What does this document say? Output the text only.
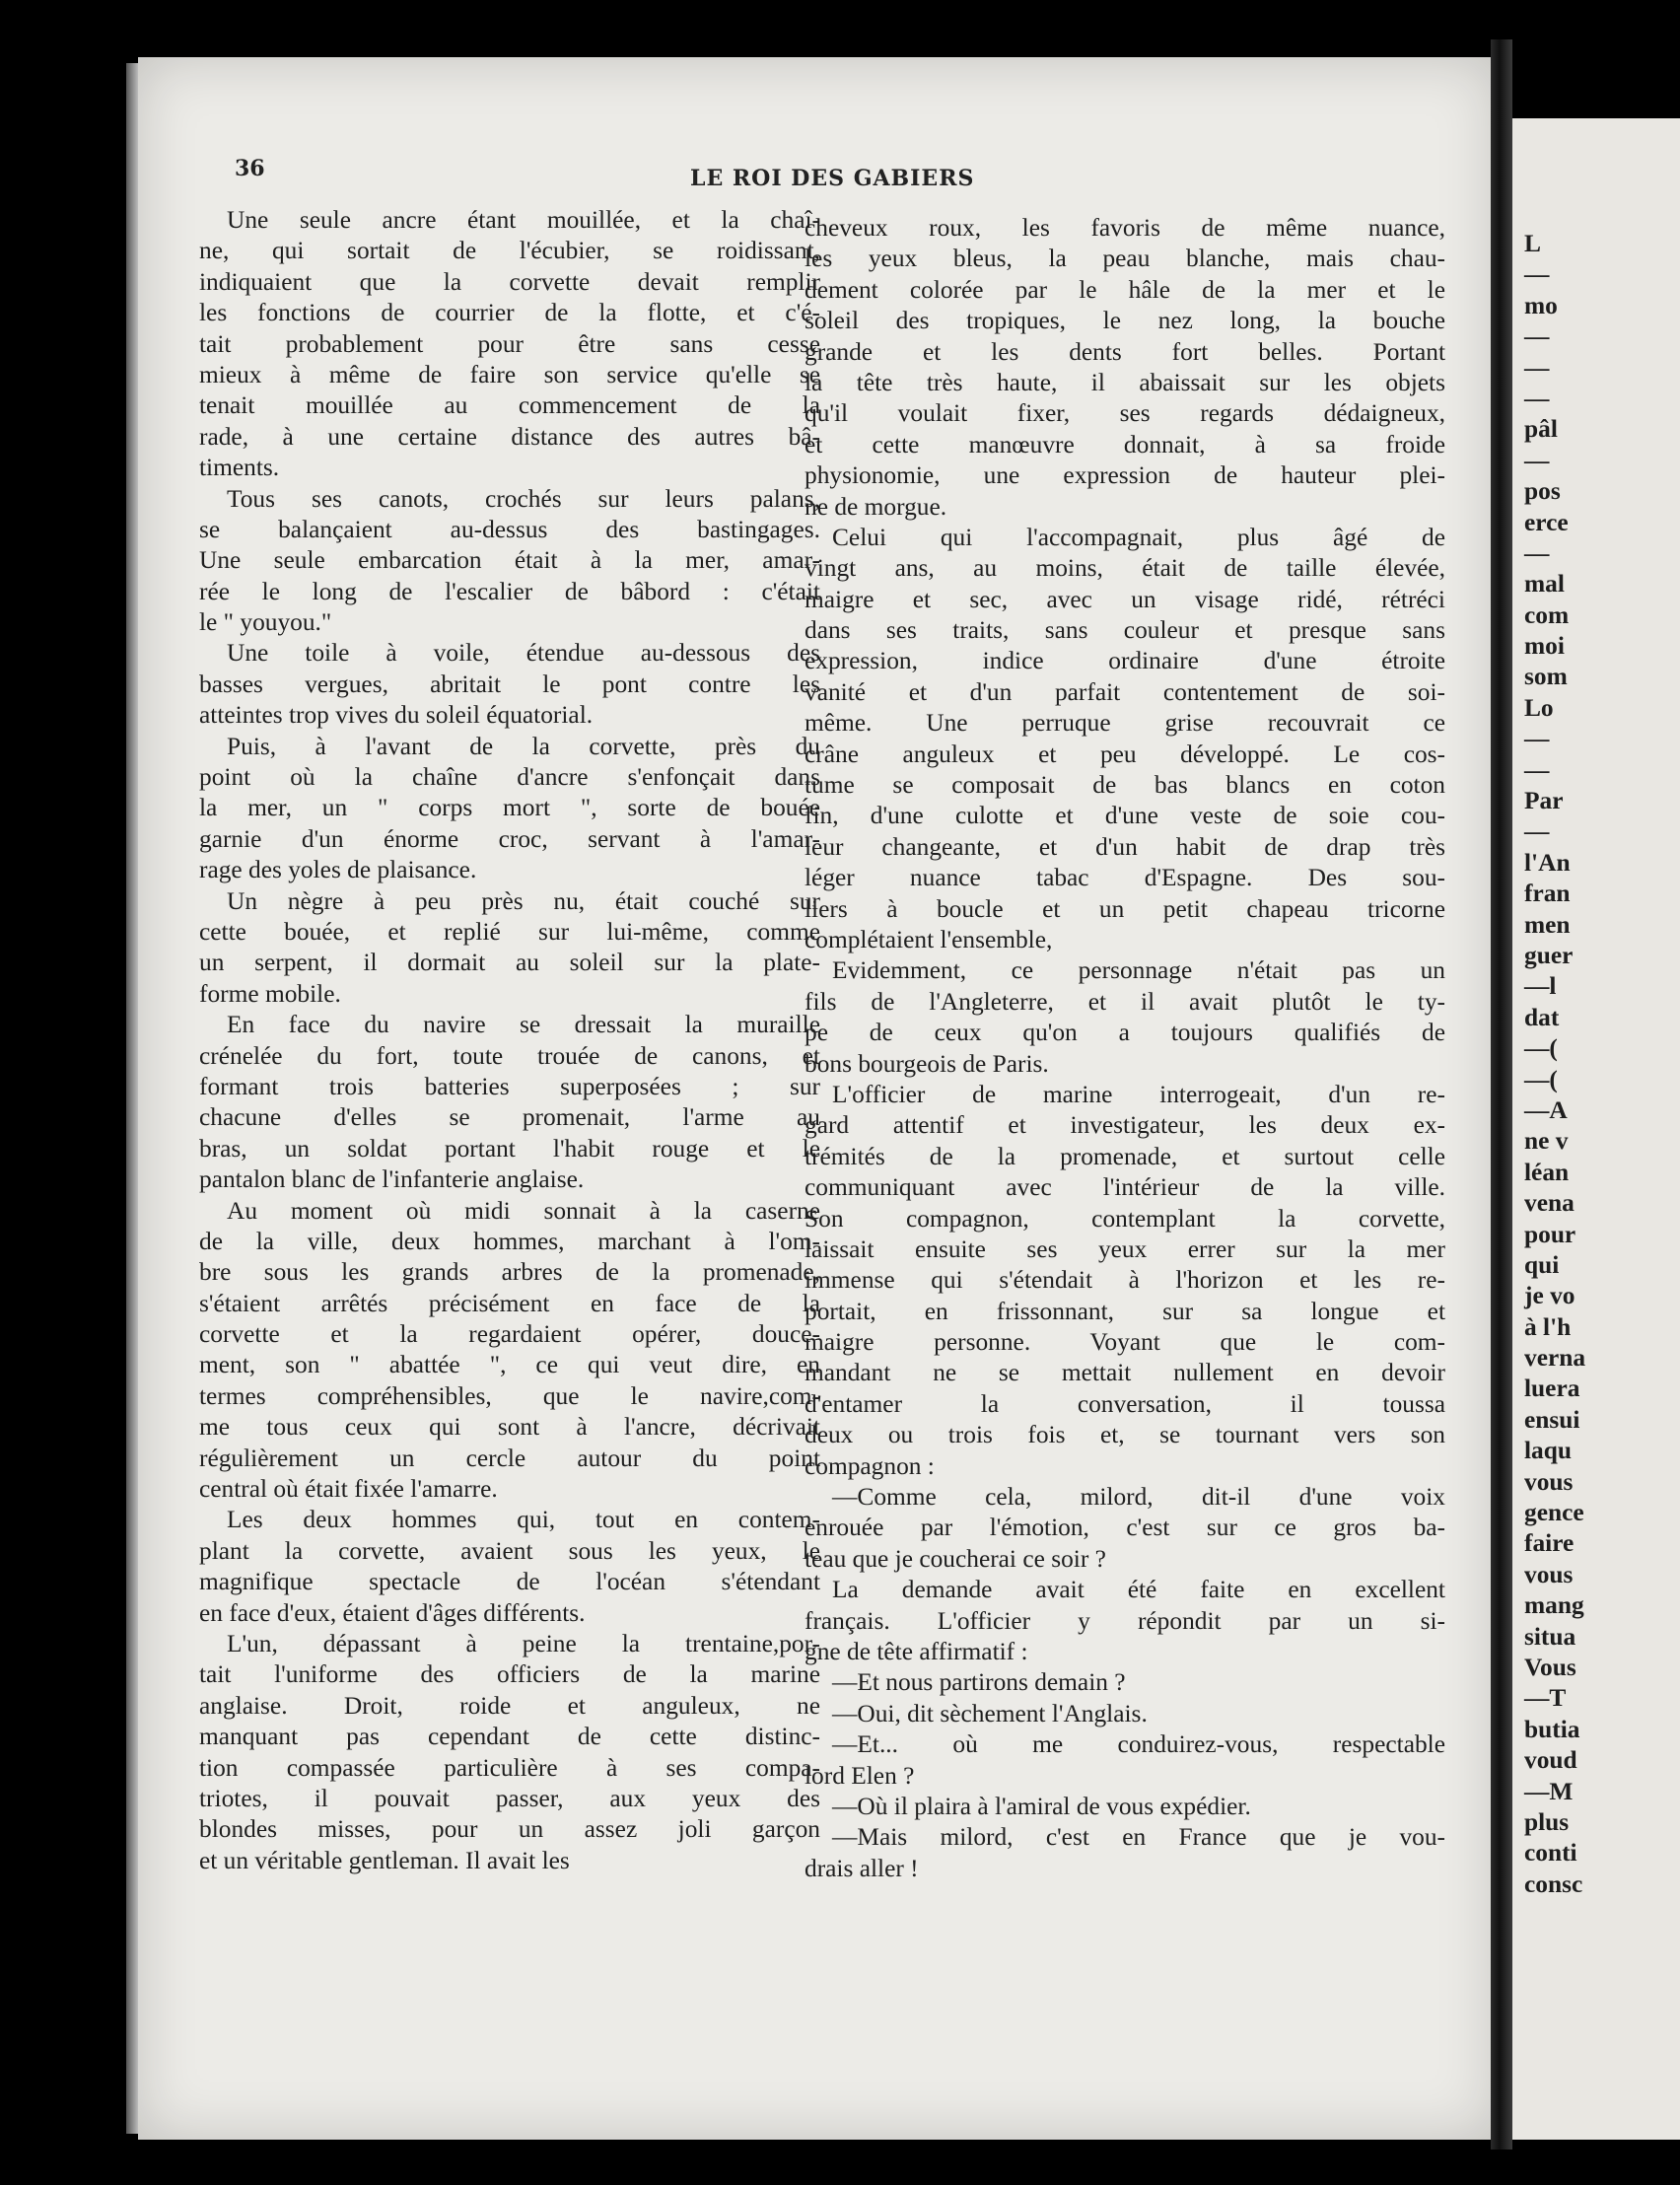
36	LE ROI DES GABIERS
Une seule ancre étant mouillée, et la chaî-
ne, qui sortait de l'écubier, se roidissant,
indiquaient que la corvette devait remplir
les fonctions de courrier de la flotte, et c'é-
tait probablement pour être sans cesse
mieux à même de faire son service qu'elle se
tenait mouillée au commencement de la
rade, à une certaine distance des autres bâ-
timents.
Tous ses canots, crochés sur leurs palans,
se balançaient au-dessus des bastingages.
Une seule embarcation était à la mer, amar-
rée le long de l'escalier de bâbord : c'était
le " youyou."
Une toile à voile, étendue au-dessous des
basses vergues, abritait le pont contre les
atteintes trop vives du soleil équatorial.
Puis, à l'avant de la corvette, près du
point où la chaîne d'ancre s'enfonçait dans
la mer, un " corps mort ", sorte de bouée
garnie d'un énorme croc, servant à l'amar-
rage des yoles de plaisance.
Un nègre à peu près nu, était couché sur
cette bouée, et replié sur lui-même, comme
un serpent, il dormait au soleil sur la plate-
forme mobile.
En face du navire se dressait la muraille
crénelée du fort, toute trouée de canons, et
formant trois batteries superposées ; sur
chacune d'elles se promenait, l'arme au
bras, un soldat portant l'habit rouge et le
pantalon blanc de l'infanterie anglaise.
Au moment où midi sonnait à la caserne
de la ville, deux hommes, marchant à l'om-
bre sous les grands arbres de la promenade,
s'étaient arrêtés précisément en face de la
corvette et la regardaient opérer, douce-
ment, son " abattée ", ce qui veut dire, en
termes compréhensibles, que le navire,com-
me tous ceux qui sont à l'ancre, décrivait
régulièrement un cercle autour du point
central où était fixée l'amarre.
Les deux hommes qui, tout en contem-
plant la corvette, avaient sous les yeux, le
magnifique spectacle de l'océan s'étendant
en face d'eux, étaient d'âges différents.
L'un, dépassant à peine la trentaine,por-
tait l'uniforme des officiers de la marine
anglaise. Droit, roide et anguleux, ne
manquant pas cependant de cette distinc-
tion compassée particulière à ses compa-
triotes, il pouvait passer, aux yeux des
blondes misses, pour un assez joli garçon
et un véritable gentleman. Il avait les
cheveux roux, les favoris de même nuance,
les yeux bleus, la peau blanche, mais chau-
dement colorée par le hâle de la mer et le
soleil des tropiques, le nez long, la bouche
grande et les dents fort belles. Portant
la tête très haute, il abaissait sur les objets
qu'il voulait fixer, ses regards dédaigneux,
et cette manœuvre donnait, à sa froide
physionomie, une expression de hauteur plei-
ne de morgue.
Celui qui l'accompagnait, plus âgé de
vingt ans, au moins, était de taille élevée,
maigre et sec, avec un visage ridé, rétréci
dans ses traits, sans couleur et presque sans
expression, indice ordinaire d'une étroite
vanité et d'un parfait contentement de soi-
même. Une perruque grise recouvrait ce
crâne anguleux et peu développé. Le cos-
tume se composait de bas blancs en coton
fin, d'une culotte et d'une veste de soie cou-
leur changeante, et d'un habit de drap très
léger nuance tabac d'Espagne. Des sou-
liers à boucle et un petit chapeau tricorne
complétaient l'ensemble,
Evidemment, ce personnage n'était pas un
fils de l'Angleterre, et il avait plutôt le ty-
pe de ceux qu'on a toujours qualifiés de
bons bourgeois de Paris.
L'officier de marine interrogeait, d'un re-
gard attentif et investigateur, les deux ex-
trémités de la promenade, et surtout celle
communiquant avec l'intérieur de la ville.
Son compagnon, contemplant la corvette,
laissait ensuite ses yeux errer sur la mer
immense qui s'étendait à l'horizon et les re-
portait, en frissonnant, sur sa longue et
maigre personne. Voyant que le com-
mandant ne se mettait nullement en devoir
d'entamer la conversation, il toussa
deux ou trois fois et, se tournant vers son
compagnon :
—Comme cela, milord, dit-il d'une voix
enrouée par l'émotion, c'est sur ce gros ba-
teau que je coucherai ce soir ?
La demande avait été faite en excellent
français. L'officier y répondit par un si-
gne de tête affirmatif :
—Et nous partirons demain ?
—Oui, dit sèchement l'Anglais.
—Et... où me conduirez-vous, respectable
lord Elen ?
—Où il plaira à l'amiral de vous expédier.
—Mais milord, c'est en France que je vou-
drais aller !
L
—
mo
—
—
—
pâl
—
pos
erce
—
mal
com
moi
som
Lo
—
—
Par
—
l'An
fran
men
guer
—l
dat
—(
—(
—A
ne v
léan
vena
pour
qui
je vo
à l'h
verna
luera
ensui
laqu
vous
gence
faire
vous
mang
situa
Vous
—T
butia
voud
—M
plus
conti
consc
